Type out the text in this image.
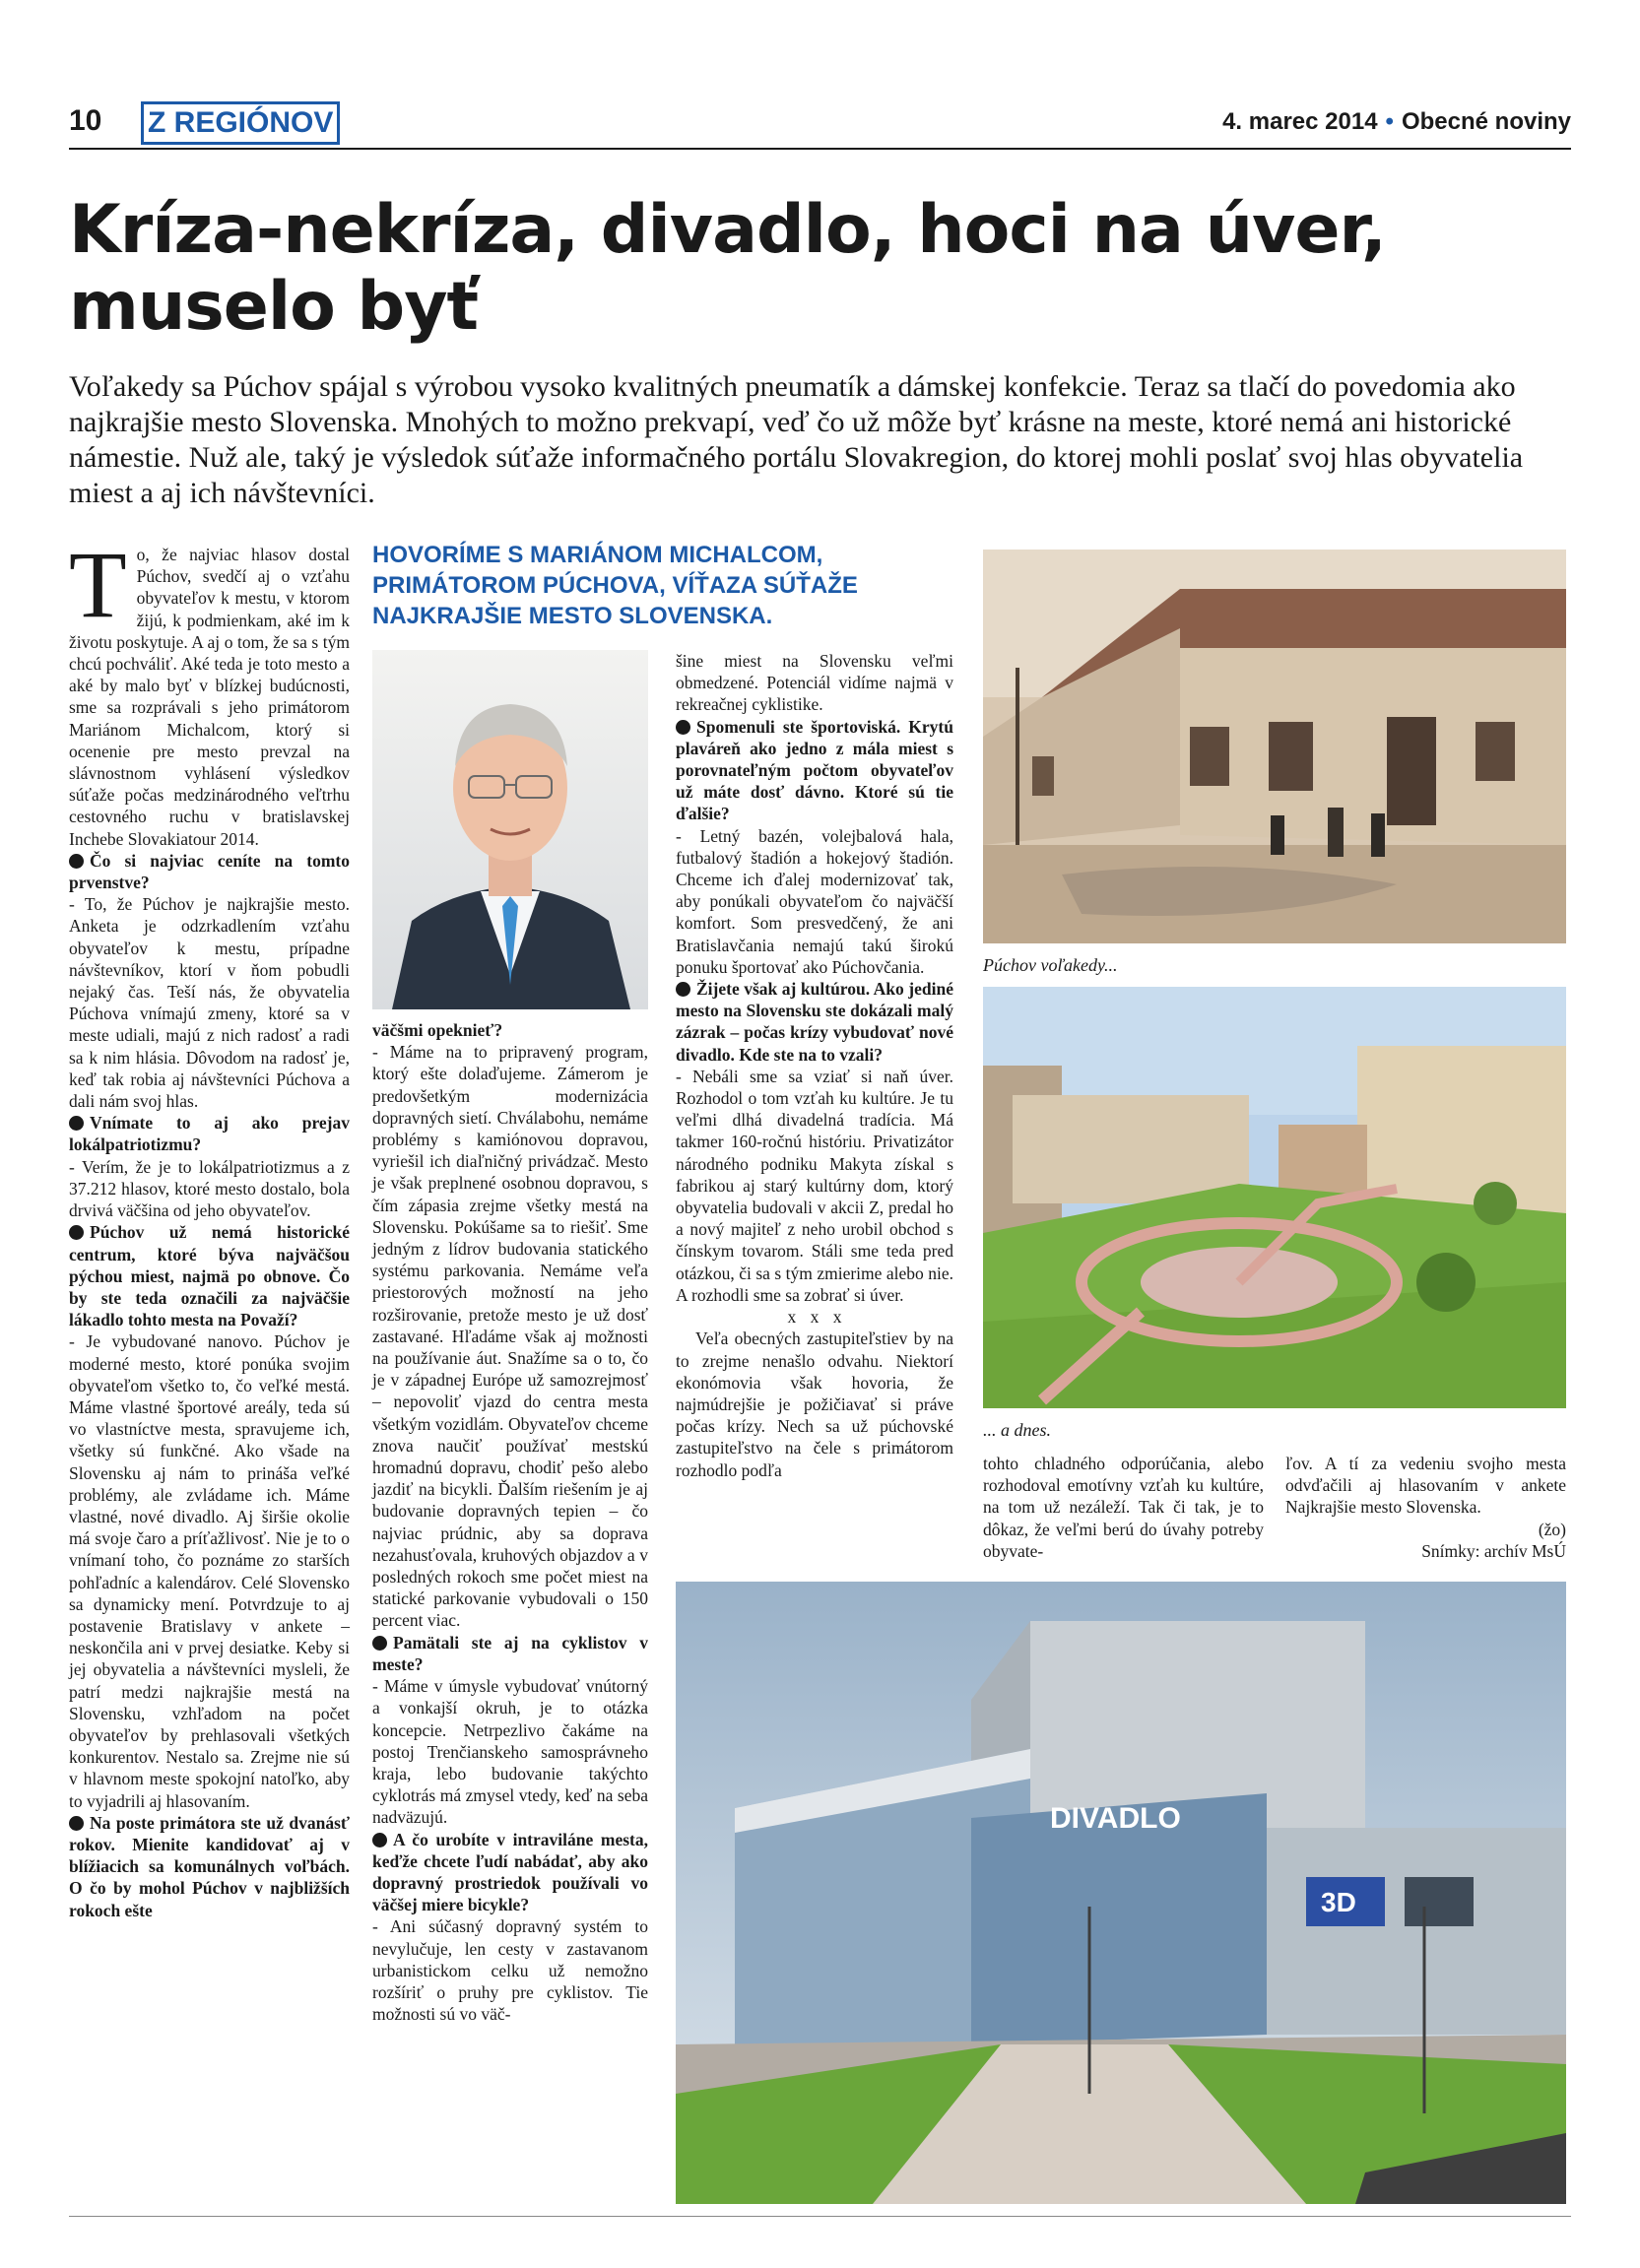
10 Z REGIÓNOV	4. marec 2014 • Obecné noviny
Kríza-nekríza, divadlo, hoci na úver, muselo byť
Voľakedy sa Púchov spájal s výrobou vysoko kvalitných pneumatík a dámskej konfekcie. Teraz sa tlačí do povedomia ako najkrajšie mesto Slovenska. Mnohých to možno prekvapí, veď čo už môže byť krásne na meste, ktoré nemá ani historické námestie. Nuž ale, taký je výsledok súťaže informačného portálu Slovakregion, do ktorej mohli poslať svoj hlas obyvatelia miest a aj ich návštevníci.

To, že najviac hlasov dostal Púchov, svedčí aj o vzťahu obyvateľov k mestu, v ktorom žijú, k podmienkam, aké im k životu poskytuje. A aj o tom, že sa s tým chcú pochváliť. Aké teda je toto mesto a aké by malo byť v blízkej budúcnosti, sme sa rozprávali s jeho primátorom Mariánom Michalcom, ktorý si ocenenie pre mesto prevzal na slávnostnom vyhlásení výsledkov súťaže počas medzinárodného veľtrhu cestovného ruchu v bratislavskej Inchebe Slovakiatour 2014.

Čo si najviac ceníte na tomto prvenstve?

- To, že Púchov je najkrajšie mesto. Anketa je odzrkadlením vzťahu obyvateľov k mestu, prípadne návštevníkov, ktorí v ňom pobudli nejaký čas. Teší nás, že obyvatelia Púchova vnímajú zmeny, ktoré sa v meste udiali, majú z nich radosť a radi sa k nim hlásia. Dôvodom na radosť je, keď tak robia aj návštevníci Púchova a dali nám svoj hlas.

Vnímate to aj ako prejav lokálpatriotizmu?

- Verím, že je to lokálpatriotizmus a z 37.212 hlasov, ktoré mesto dostalo, bola drvivá väčšina od jeho obyvateľov.

Púchov už nemá historické centrum, ktoré býva najväčšou pýchou miest, najmä po obnove. Čo by ste teda označili za najväčšie lákadlo tohto mesta na Považí?

- Je vybudované nanovo. Púchov je moderné mesto, ktoré ponúka svojim obyvateľom všetko to, čo veľké mestá. Máme vlastné športové areály, teda sú vo vlastníctve mesta, spravujeme ich, všetky sú funkčné. Ako všade na Slovensku aj nám to prináša veľké problémy, ale zvládame ich. Máme vlastné, nové divadlo. Aj širšie okolie má svoje čaro a príťažlivosť. Nie je to o vnímaní toho, čo poznáme zo starších pohľadníc a kalendárov. Celé Slovensko sa dynamicky mení. Potvrdzuje to aj postavenie Bratislavy v ankete – neskončila ani v prvej desiatke. Keby si jej obyvatelia a návštevníci mysleli, že patrí medzi najkrajšie mestá na Slovensku, vzhľadom na počet obyvateľov by prehlasovali všetkých konkurentov. Nestalo sa. Zrejme nie sú v hlavnom meste spokojní natoľko, aby to vyjadrili aj hlasovaním.

Na poste primátora ste už dvanásť rokov. Mienite kandidovať aj v blížiacich sa komunálnych voľbách. O čo by mohol Púchov v najbližších rokoch ešte

HOVORÍME S MARIÁNOM MICHALCOM, PRIMÁTOROM PÚCHOVA, VÍŤAZA SÚŤAŽE NAJKRAJŠIE MESTO SLOVENSKA.

väčšmi opeknieť?

- Máme na to pripravený program, ktorý ešte dolaďujeme. Zámerom je predovšetkým modernizácia dopravných sietí. Chválabohu, nemáme problémy s kamiónovou dopravou, vyriešil ich diaľničný privádzač. Mesto je však preplnené osobnou dopravou, s čím zápasia zrejme všetky mestá na Slovensku. Pokúšame sa to riešiť. Sme jedným z lídrov budovania statického systému parkovania. Nemáme veľa priestorových možností na jeho rozširovanie, pretože mesto je už dosť zastavané. Hľadáme však aj možnosti na používanie áut. Snažíme sa o to, čo je v západnej Európe už samozrejmosť – nepovoliť vjazd do centra mesta všetkým vozidlám. Obyvateľov chceme znova naučiť používať mestskú hromadnú dopravu, chodiť pešo alebo jazdiť na bicykli. Ďalším riešením je aj budovanie dopravných tepien – čo najviac prúdnic, aby sa doprava nezahusťovala, kruhových objazdov a v posledných rokoch sme počet miest na statické parkovanie vybudovali o 150 percent viac.

Pamätali ste aj na cyklistov v meste?

- Máme v úmysle vybudovať vnútorný a vonkajší okruh, je to otázka koncepcie. Netrpezlivo čakáme na postoj Trenčianskeho samosprávneho kraja, lebo budovanie takýchto cyklotrás má zmysel vtedy, keď na seba nadväzujú.

A čo urobíte v intraviláne mesta, keďže chcete ľudí nabádať, aby ako dopravný prostriedok používali vo väčšej miere bicykle?

- Ani súčasný dopravný systém to nevylučuje, len cesty v zastavanom urbanistickom celku už nemožno rozšíriť o pruhy pre cyklistov. Tie možnosti sú vo väč-

šine miest na Slovensku veľmi obmedzené. Potenciál vidíme najmä v rekreačnej cyklistike.

Spomenuli ste športoviská. Krytú plaváreň ako jedno z mála miest s porovnateľným počtom obyvateľov už máte dosť dávno. Ktoré sú tie ďalšie?

- Letný bazén, volejbalová hala, futbalový štadión a hokejový štadión. Chceme ich ďalej modernizovať tak, aby ponúkali obyvateľom čo najväčší komfort. Som presvedčený, že ani Bratislavčania nemajú takú širokú ponuku športovať ako Púchovčania.

Žijete však aj kultúrou. Ako jediné mesto na Slovensku ste dokázali malý zázrak – počas krízy vybudovať nové divadlo. Kde ste na to vzali?

- Nebáli sme sa vziať si naň úver. Rozhodol o tom vzťah ku kultúre. Je tu veľmi dlhá divadelná tradícia. Má takmer 160-ročnú históriu. Privatizátor národného podniku Makyta získal s fabrikou aj starý kultúrny dom, ktorý obyvatelia budovali v akcii Z, predal ho a nový majiteľ z neho urobil obchod s čínskym tovarom. Stáli sme teda pred otázkou, či sa s tým zmierime alebo nie. A rozhodli sme sa zobrať si úver.

x x x

Veľa obecných zastupiteľstiev by na to zrejme nenašlo odvahu. Niektorí ekonómovia však hovoria, že najmúdrejšie je požičiavať si práve počas krízy. Nech sa už púchovské zastupiteľstvo na čele s primátorom rozhodlo podľa

Púchov voľakedy...
... a dnes.

tohto chladného odporúčania, alebo rozhodoval emotívny vzťah ku kultúre, na tom už nezáleží. Tak či tak, je to dôkaz, že veľmi berú do úvahy potreby obyvate-

ľov. A tí za vedeniu svojho mesta odvďačili aj hlasovaním v ankete Najkrajšie mesto Slovenska.

(žo)

Snímky: archív MsÚ

DIVADLO
3D
